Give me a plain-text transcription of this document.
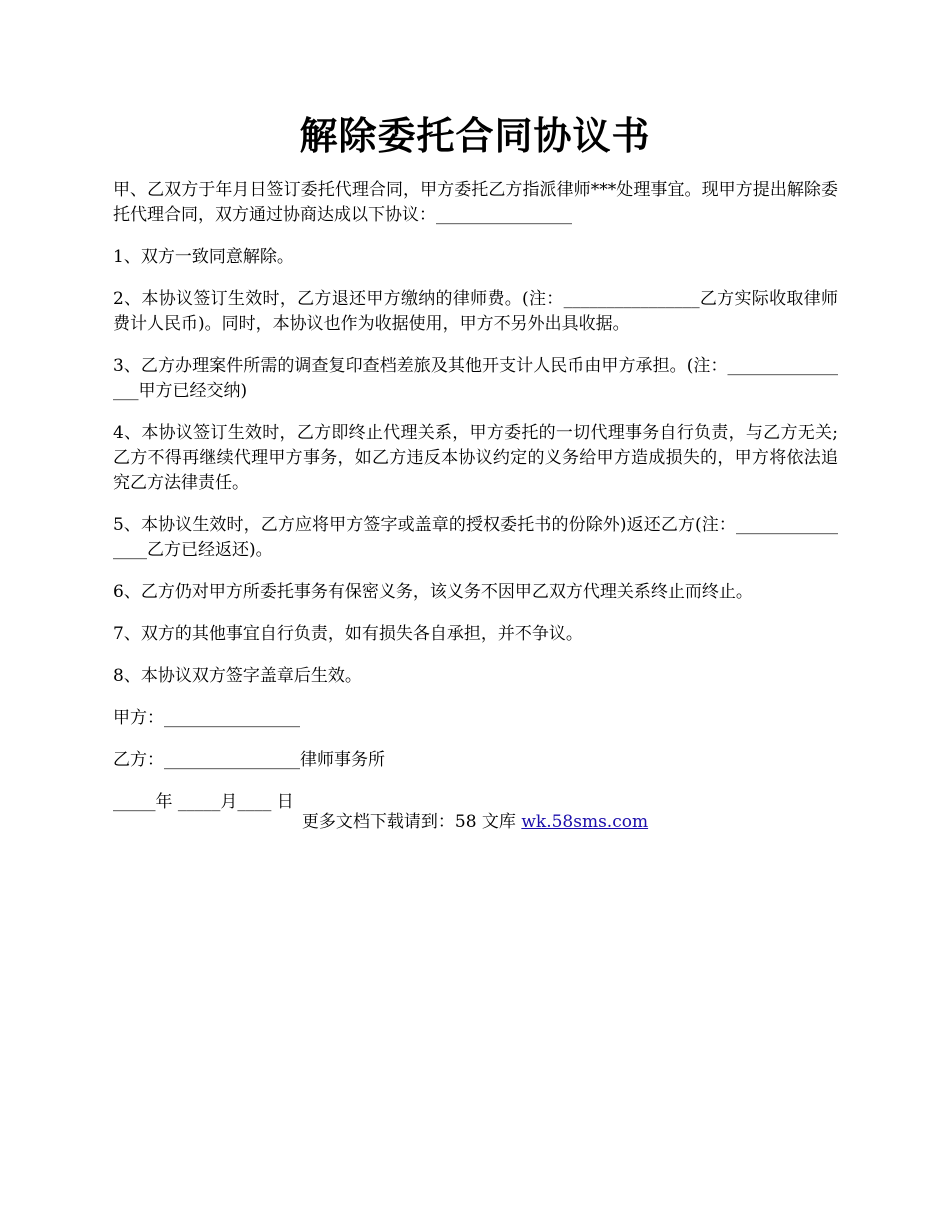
解除委托合同协议书

甲、乙双方于年月日签订委托代理合同，甲方委托乙方指派律师***处理事宜。现甲方提出解除委托代理合同，双方通过协商达成以下协议：________________

1、双方一致同意解除。

2、本协议签订生效时，乙方退还甲方缴纳的律师费。(注：________________乙方实际收取律师费计人民币)。同时，本协议也作为收据使用，甲方不另外出具收据。

3、乙方办理案件所需的调查复印查档差旅及其他开支计人民币由甲方承担。(注：________________甲方已经交纳)

4、本协议签订生效时，乙方即终止代理关系，甲方委托的一切代理事务自行负责，与乙方无关;乙方不得再继续代理甲方事务，如乙方违反本协议约定的义务给甲方造成损失的，甲方将依法追究乙方法律责任。

5、本协议生效时，乙方应将甲方签字或盖章的授权委托书的份除外)返还乙方(注：________________乙方已经返还)。

6、乙方仍对甲方所委托事务有保密义务，该义务不因甲乙双方代理关系终止而终止。

7、双方的其他事宜自行负责，如有损失各自承担，并不争议。

8、本协议双方签字盖章后生效。

甲方：________________

乙方：________________律师事务所

_____年 _____月____ 日

更多文档下载请到：58 文库 wk.58sms.com
